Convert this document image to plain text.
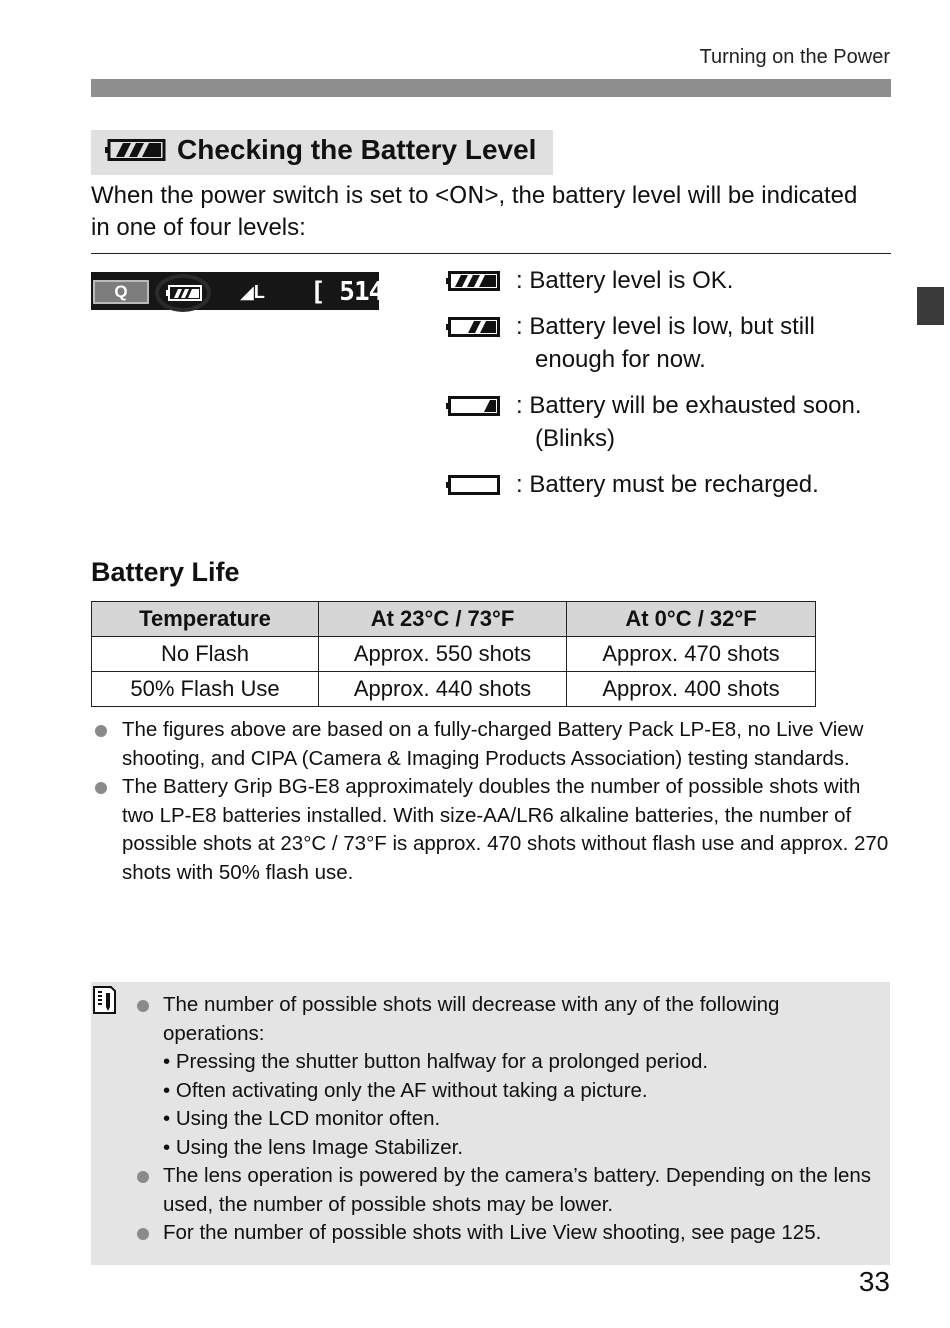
Turning on the Power
Checking the Battery Level
When the power switch is set to <ON>, the battery level will be indicated in one of four levels:
Q	◢L [ 514]	: Battery level is OK.
: Battery level is low, but still
enough for now.
: Battery will be exhausted soon.
(Blinks)
: Battery must be recharged.
Battery Life
Temperature	At 23°C / 73°F	At 0°C / 32°F
No Flash	Approx. 550 shots	Approx. 470 shots
50% Flash Use	Approx. 440 shots	Approx. 400 shots
The figures above are based on a fully-charged Battery Pack LP-E8, no Live View shooting, and CIPA (Camera & Imaging Products Association) testing standards.
The Battery Grip BG-E8 approximately doubles the number of possible shots with two LP-E8 batteries installed. With size-AA/LR6 alkaline batteries, the number of possible shots at 23°C / 73°F is approx. 470 shots without flash use and approx. 270 shots with 50% flash use.
The number of possible shots will decrease with any of the following operations:
• Pressing the shutter button halfway for a prolonged period.
• Often activating only the AF without taking a picture.
• Using the LCD monitor often.
• Using the lens Image Stabilizer.
The lens operation is powered by the camera’s battery. Depending on the lens used, the number of possible shots may be lower.
For the number of possible shots with Live View shooting, see page 125.
33
